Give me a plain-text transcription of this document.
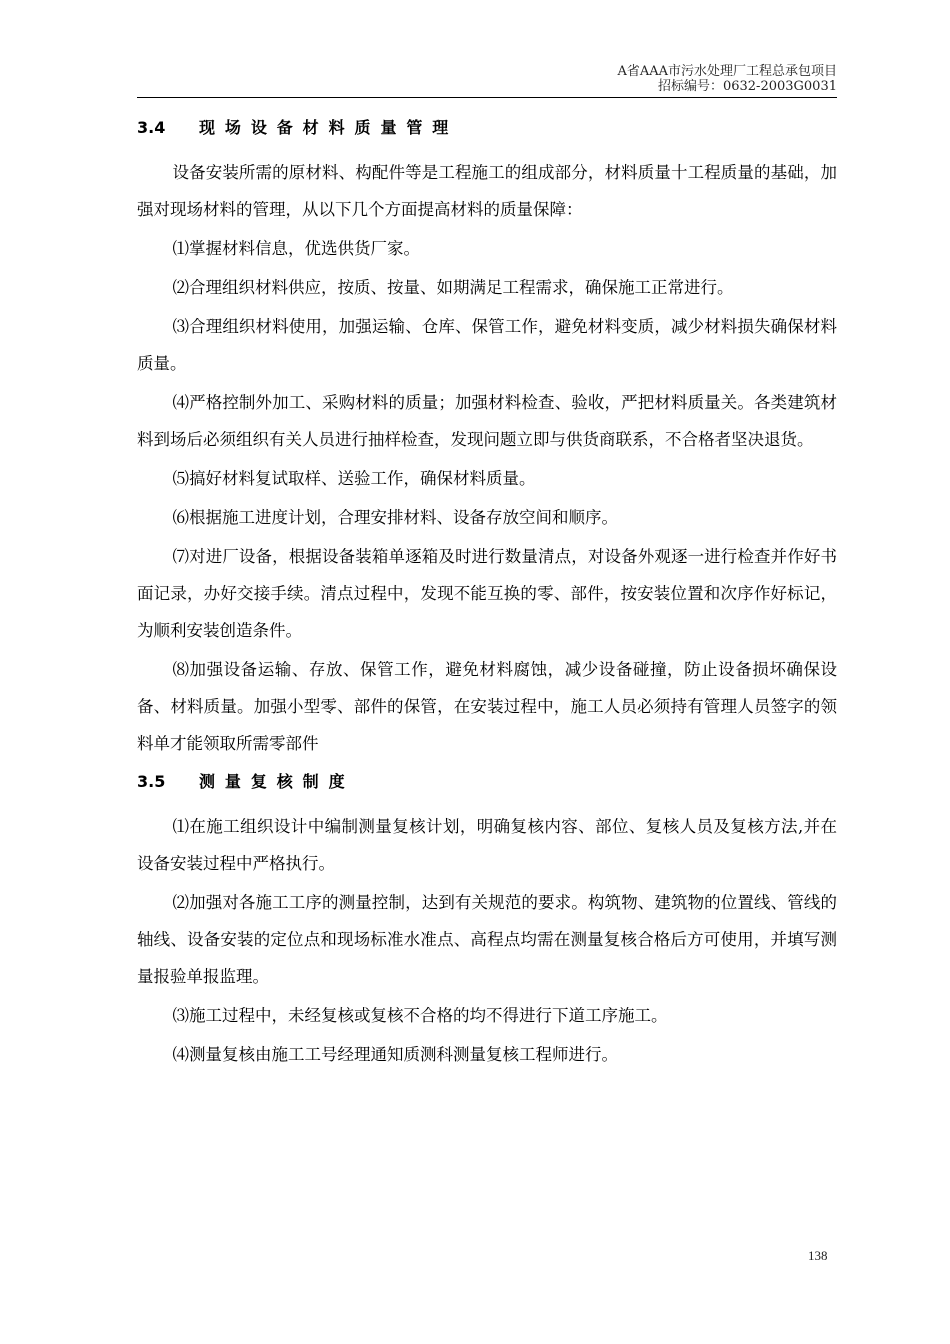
A省AAA市污水处理厂工程总承包项目
招标编号：0632-2003G0031
3.4 现场设备材料质量管理

设备安装所需的原材料、构配件等是工程施工的组成部分，材料质量十工程质量的基础，加强对现场材料的管理，从以下几个方面提高材料的质量保障：

⑴掌握材料信息，优选供货厂家。

⑵合理组织材料供应，按质、按量、如期满足工程需求，确保施工正常进行。

⑶合理组织材料使用，加强运输、仓库、保管工作，避免材料变质，减少材料损失确保材料质量。

⑷严格控制外加工、采购材料的质量；加强材料检查、验收，严把材料质量关。各类建筑材料到场后必须组织有关人员进行抽样检查，发现问题立即与供货商联系，不合格者坚决退货。

⑸搞好材料复试取样、送验工作，确保材料质量。

⑹根据施工进度计划，合理安排材料、设备存放空间和顺序。

⑺对进厂设备，根据设备装箱单逐箱及时进行数量清点，对设备外观逐一进行检查并作好书面记录，办好交接手续。清点过程中，发现不能互换的零、部件，按安装位置和次序作好标记，为顺利安装创造条件。

⑻加强设备运输、存放、保管工作，避免材料腐蚀，减少设备碰撞，防止设备损坏确保设备、材料质量。加强小型零、部件的保管，在安装过程中，施工人员必须持有管理人员签字的领料单才能领取所需零部件

3.5 测量复核制度

⑴在施工组织设计中编制测量复核计划，明确复核内容、部位、复核人员及复核方法,并在设备安装过程中严格执行。

⑵加强对各施工工序的测量控制，达到有关规范的要求。构筑物、建筑物的位置线、管线的轴线、设备安装的定位点和现场标准水准点、高程点均需在测量复核合格后方可使用，并填写测量报验单报监理。

⑶施工过程中，未经复核或复核不合格的均不得进行下道工序施工。

⑷测量复核由施工工号经理通知质测科测量复核工程师进行。

138
